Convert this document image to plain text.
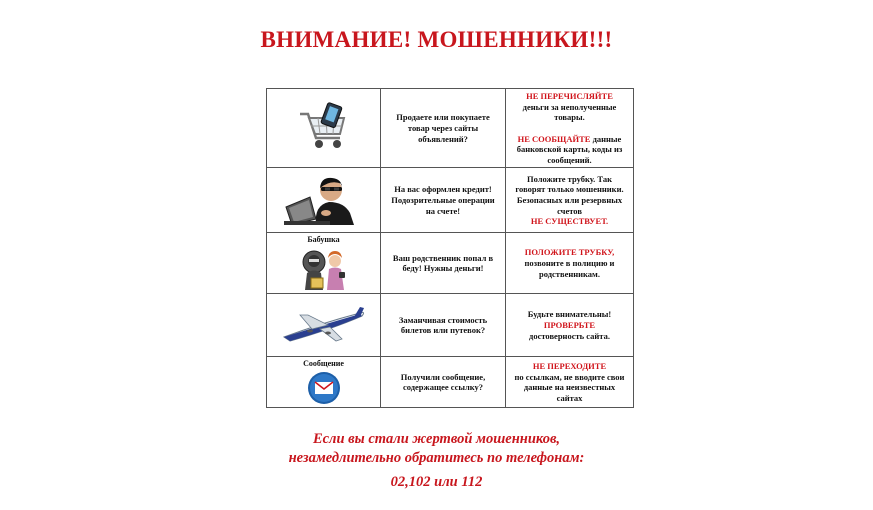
ВНИМАНИЕ! МОШЕННИКИ!!!
	Продаете или покупаете товар через сайты объявлений?	НЕ ПЕРЕЧИСЛЯЙТЕ
деньги за неполученные товары.

НЕ СООБЩАЙТЕ данные банковской карты, коды из сообщений.

	На вас оформлен кредит! Подозрительные операции на счете!	Положите трубку. Так говорят только мошенники. Безопасных или резервных счетов
НЕ СУЩЕСТВУЕТ.

Бабушка	Ваш родственник попал в беду! Нужны деньги!	ПОЛОЖИТЕ ТРУБКУ,
позвоните в полицию и родственникам.

	Заманчивая стоимость билетов или путевок?	Будьте внимательны!
ПРОВЕРЬТЕ
достоверность сайта.

Сообщение	Получили сообщение, содержащее ссылку?	НЕ ПЕРЕХОДИТЕ
по ссылкам, не вводите свои данные на неизвестных сайтах
Если вы стали жертвой мошенников,
незамедлительно обратитесь по телефонам:
02,102 или 112
